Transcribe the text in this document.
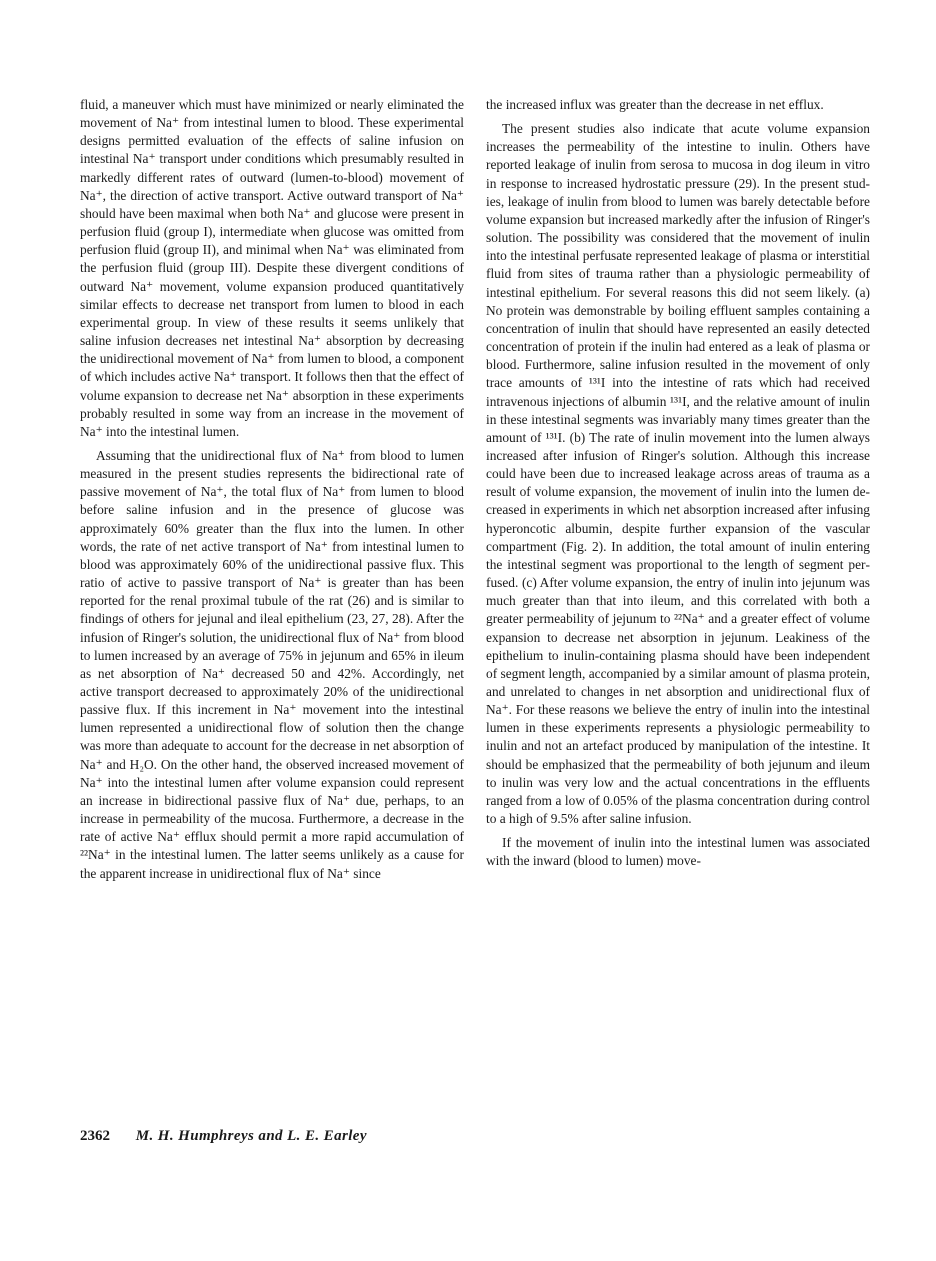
fluid, a maneuver which must have minimized or nearly eliminated the movement of Na⁺ from intestinal lumen to blood. These experimental designs permitted evaluation of the effects of saline infusion on intestinal Na⁺ transport under conditions which presumably resulted in markedly different rates of outward (lumen-to-blood) movement of Na⁺, the direction of active transport. Active outward transport of Na⁺ should have been maximal when both Na⁺ and glucose were present in perfusion fluid (group I), intermediate when glucose was omitted from perfusion fluid (group II), and minimal when Na⁺ was eliminated from the perfusion fluid (group III). Despite these divergent conditions of outward Na⁺ movement, volume expansion produced quantitatively similar effects to decrease net transport from lumen to blood in each experimental group. In view of these results it seems unlikely that saline infusion decreases net intestinal Na⁺ absorption by decreasing the unidirectional movement of Na⁺ from lumen to blood, a component of which includes active Na⁺ transport. It follows then that the effect of volume expansion to decrease net Na⁺ absorption in these experiments probably resulted in some way from an increase in the movement of Na⁺ into the intestinal lumen.

Assuming that the unidirectional flux of Na⁺ from blood to lumen measured in the present studies represents the bidirectional rate of passive movement of Na⁺, the total flux of Na⁺ from lumen to blood before saline infusion and in the presence of glucose was approximately 60% greater than the flux into the lumen. In other words, the rate of net active transport of Na⁺ from intestinal lumen to blood was approximately 60% of the unidirectional passive flux. This ratio of active to passive transport of Na⁺ is greater than has been reported for the renal proximal tubule of the rat (26) and is similar to findings of others for jejunal and ileal epithelium (23, 27, 28). After the infusion of Ringer's solution, the unidirectional flux of Na⁺ from blood to lumen increased by an average of 75% in jejunum and 65% in ileum as net absorption of Na⁺ decreased 50 and 42%. Accordingly, net active transport decreased to approximately 20% of the unidirectional passive flux. If this increment in Na⁺ movement into the intestinal lumen represented a unidirectional flow of solution then the change was more than adequate to account for the decrease in net absorption of Na⁺ and H₂O. On the other hand, the observed increased movement of Na⁺ into the intestinal lumen after volume expansion could represent an increase in bidirectional passive flux of Na⁺ due, perhaps, to an increase in permeability of the mucosa. Furthermore, a decrease in the rate of active Na⁺ efflux should permit a more rapid accumulation of ²²Na⁺ in the intestinal lumen. The latter seems unlikely as a cause for the apparent increase in unidirectional flux of Na⁺ since

the increased influx was greater than the decrease in net efflux.

The present studies also indicate that acute volume expansion increases the permeability of the intestine to inulin. Others have reported leakage of inulin from serosa to mucosa in dog ileum in vitro in response to increased hydrostatic pressure (29). In the present studies, leakage of inulin from blood to lumen was barely detectable before volume expansion but increased markedly after the infusion of Ringer's solution. The possibility was considered that the movement of inulin into the intestinal perfusate represented leakage of plasma or interstitial fluid from sites of trauma rather than a physiologic permeability of intestinal epithelium. For several reasons this did not seem likely. (a) No protein was demonstrable by boiling effluent samples containing a concentration of inulin that should have represented an easily detected concentration of protein if the inulin had entered as a leak of plasma or blood. Furthermore, saline infusion resulted in the movement of only trace amounts of ¹³¹I into the intestine of rats which had received intravenous injections of albumin ¹³¹I, and the relative amount of inulin in these intestinal segments was invariably many times greater than the amount of ¹³¹I. (b) The rate of inulin movement into the lumen always increased after infusion of Ringer's solution. Although this increase could have been due to increased leakage across areas of trauma as a result of volume expansion, the movement of inulin into the lumen decreased in experiments in which net absorption increased after infusing hyperoncotic albumin, despite further expansion of the vascular compartment (Fig. 2). In addition, the total amount of inulin entering the intestinal segment was proportional to the length of segment perfused. (c) After volume expansion, the entry of inulin into jejunum was much greater than that into ileum, and this correlated with both a greater permeability of jejunum to ²²Na⁺ and a greater effect of volume expansion to decrease net absorption in jejunum. Leakiness of the epithelium to inulin-containing plasma should have been independent of segment length, accompanied by a similar amount of plasma protein, and unrelated to changes in net absorption and unidirectional flux of Na⁺. For these reasons we believe the entry of inulin into the intestinal lumen in these experiments represents a physiologic permeability to inulin and not an artefact produced by manipulation of the intestine. It should be emphasized that the permeability of both jejunum and ileum to inulin was very low and the actual concentrations in the effluents ranged from a low of 0.05% of the plasma concentration during control to a high of 9.5% after saline infusion.

If the movement of inulin into the intestinal lumen was associated with the inward (blood to lumen) move-

2362 M. H. Humphreys and L. E. Earley
